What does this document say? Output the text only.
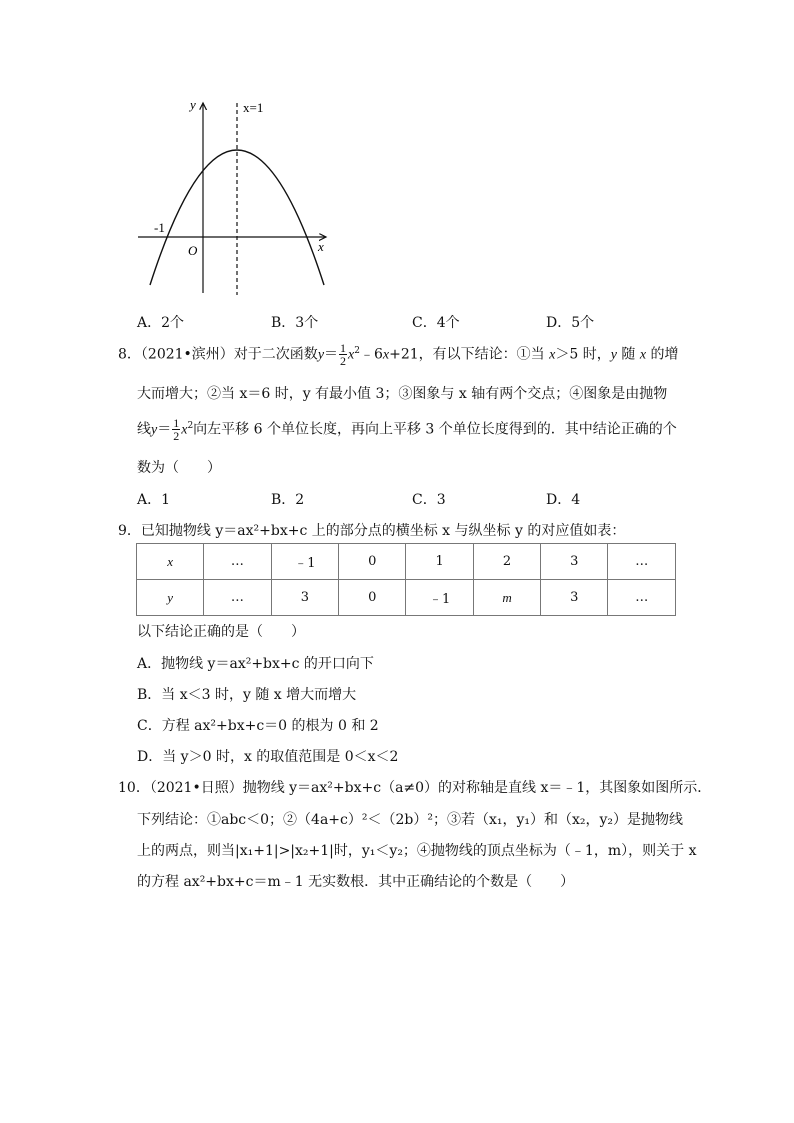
y	x=1
-1
O	x
A．2个	B．3个	C．4个	D．5个
8．（2021•滨州）对于二次函数$y= \frac{1}{2}$ $x^2﹣6x+21$，有以下结论：①当 x＞5 时，y 随 x 的增
大而增大；②当 x＝6 时，y 有最小值 3；③图象与 x 轴有两个交点；④图象是由抛物
线$y= \frac{1}{2} x^2$向左平移 6 个单位长度，再向上平移 3 个单位长度得到的．其中结论正确的个
数为（　　）
A．1	B．2	C．3	D．4
9．已知抛物线 y＝ax²+bx+c 上的部分点的横坐标 x 与纵坐标 y 的对应值如表：
x	…	﹣1	0	1	2	3	…
y	…	3	0	﹣1	m	3	…
以下结论正确的是（　　）
A．抛物线 y＝ax²+bx+c 的开口向下
B．当 x＜3 时，y 随 x 增大而增大
C．方程 ax²+bx+c＝0 的根为 0 和 2
D．当 y＞0 时，x 的取值范围是 0＜x＜2
10．（2021•日照）抛物线 y＝ax²+bx+c（a≠0）的对称轴是直线 x＝﹣1，其图象如图所示．
下列结论：①abc＜0；②（4a+c）²＜（2b）²；③若（x₁，y₁）和（x₂，y₂）是抛物线
上的两点，则当|x₁+1|>|x₂+1|时，y₁＜y₂；④抛物线的顶点坐标为（﹣1，m），则关于 x
的方程 ax²+bx+c＝m﹣1 无实数根．其中正确结论的个数是（　　）
